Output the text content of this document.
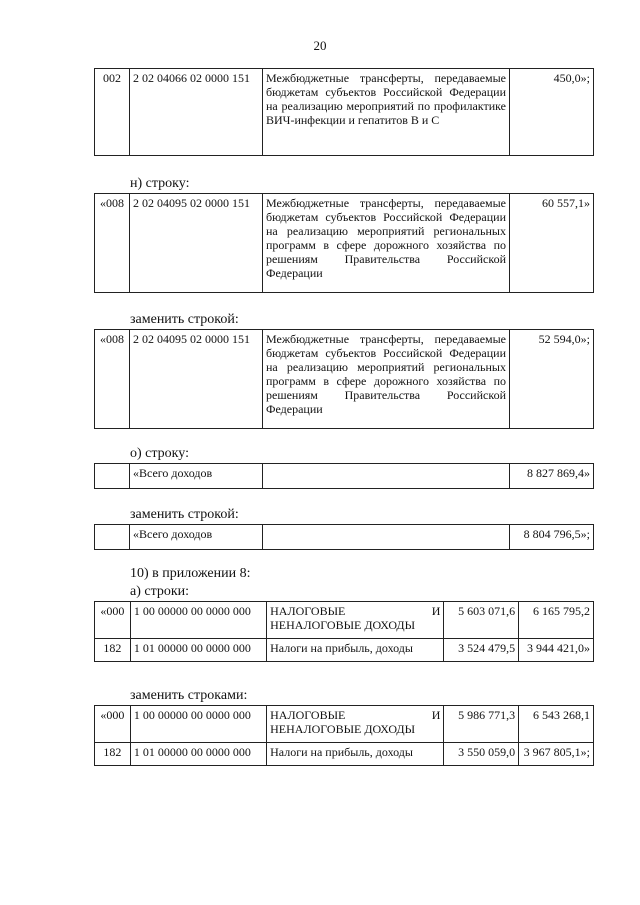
20
002	2 02 04066 02 0000 151	Межбюджетные трансферты, передаваемые бюджетам субъектов Российской Федерации на реализацию мероприятий по профилактике ВИЧ-инфекции и гепатитов В и С	450,0»;
н) строку:
«008	2 02 04095 02 0000 151	Межбюджетные трансферты, передаваемые бюджетам субъектов Российской Федерации на реализацию мероприятий региональных программ в сфере дорожного хозяйства по решениям Правительства Российской Федерации	60 557,1»
заменить строкой:
«008	2 02 04095 02 0000 151	Межбюджетные трансферты, передаваемые бюджетам субъектов Российской Федерации на реализацию мероприятий региональных программ в сфере дорожного хозяйства по решениям Правительства Российской Федерации	52 594,0»;
о) строку:
	«Всего доходов		8 827 869,4»
заменить строкой:
	«Всего доходов		8 804 796,5»;
10) в приложении 8:
а) строки:
«000	1 00 00000 00 0000 000	НАЛОГОВЫЕ И
НЕНАЛОГОВЫЕ ДОХОДЫ	5 603 071,6	6 165 795,2
182	1 01 00000 00 0000 000	Налоги на прибыль, доходы	3 524 479,5	3 944 421,0»
заменить строками:
«000	1 00 00000 00 0000 000	НАЛОГОВЫЕ И
НЕНАЛОГОВЫЕ ДОХОДЫ	5 986 771,3	6 543 268,1
182	1 01 00000 00 0000 000	Налоги на прибыль, доходы	3 550 059,0	3 967 805,1»;
